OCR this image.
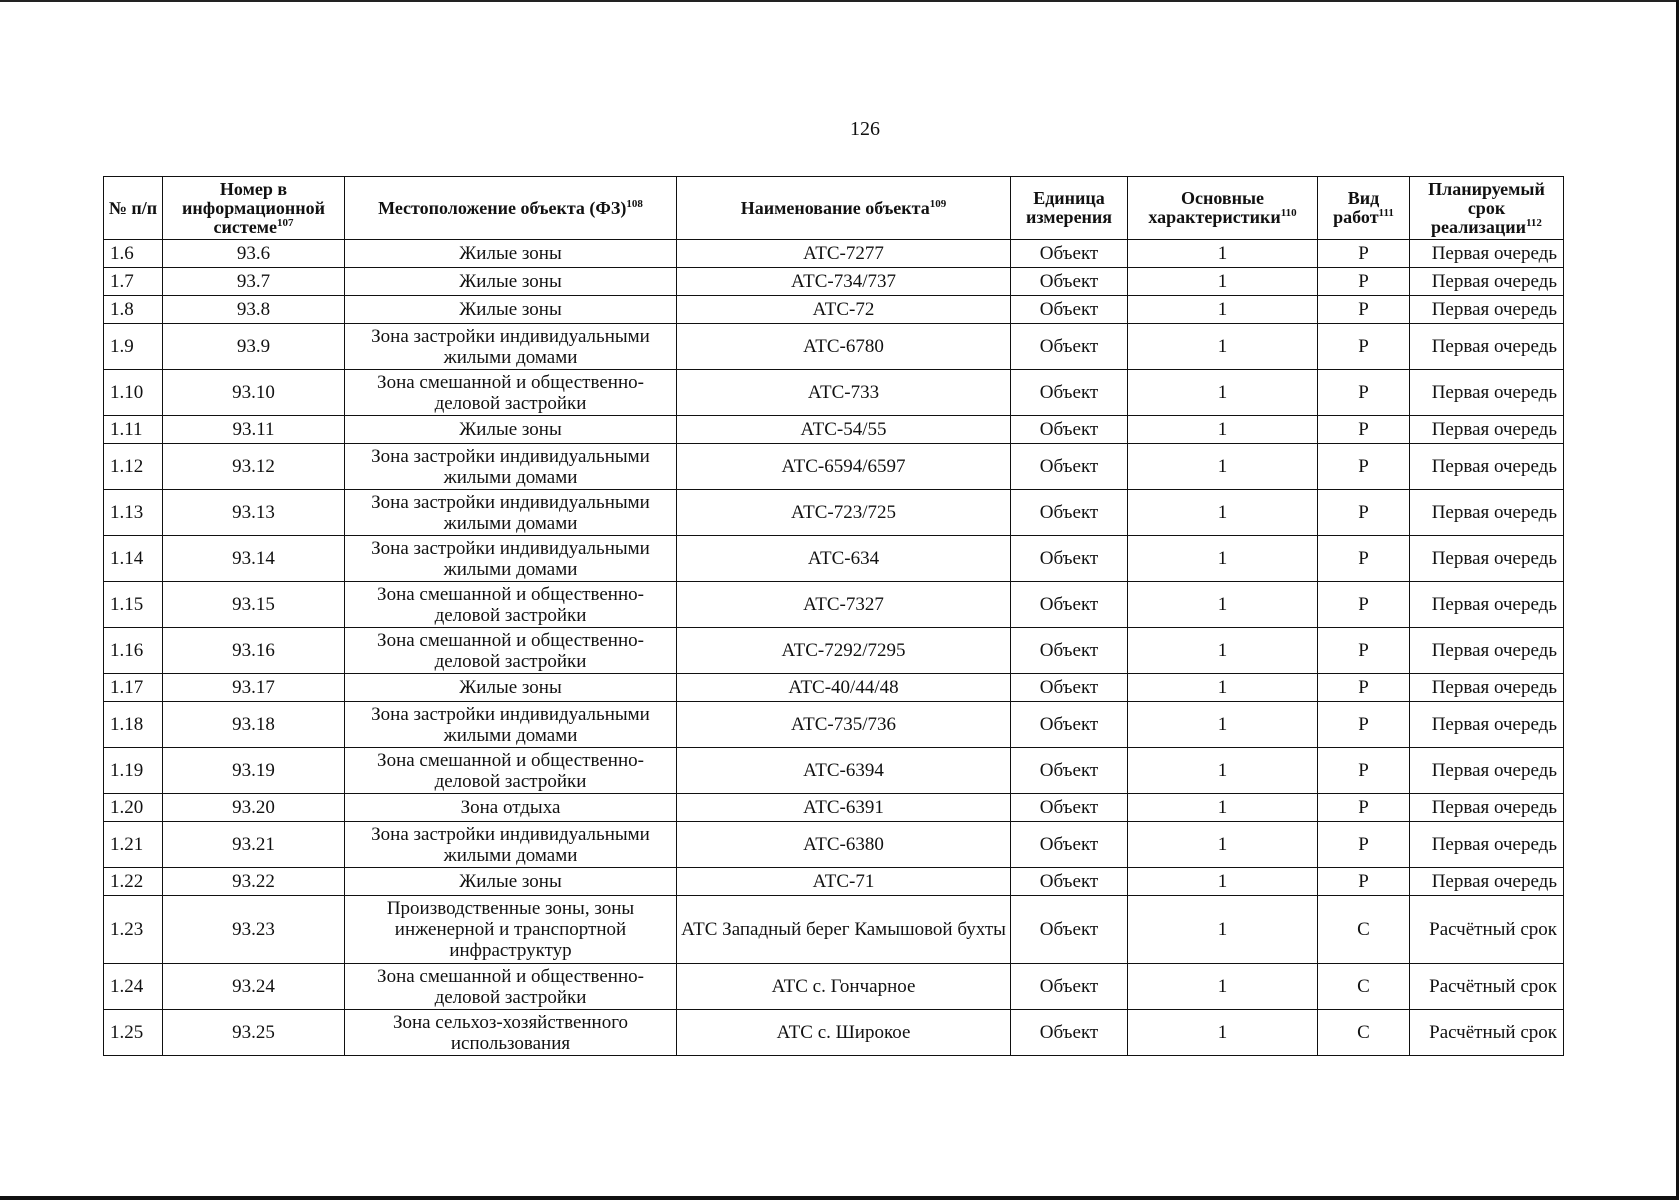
126
№ п/п	Номер в информационной системе$^{107}$	Местоположение объекта (ФЗ)$^{108}$	Наименование объекта$^{109}$	Единица измерения	Основные характеристики$^{110}$	Вид работ$^{111}$	Планируемый срок реализации$^{112}$
1.6	93.6	Жилые зоны	АТС-7277	Объект	1	Р	Первая очередь
1.7	93.7	Жилые зоны	АТС-734/737	Объект	1	Р	Первая очередь
1.8	93.8	Жилые зоны	АТС-72	Объект	1	Р	Первая очередь
1.9	93.9	Зона застройки индивидуальными жилыми домами	АТС-6780	Объект	1	Р	Первая очередь
1.10	93.10	Зона смешанной и общественно-деловой застройки	АТС-733	Объект	1	Р	Первая очередь
1.11	93.11	Жилые зоны	АТС-54/55	Объект	1	Р	Первая очередь
1.12	93.12	Зона застройки индивидуальными жилыми домами	АТС-6594/6597	Объект	1	Р	Первая очередь
1.13	93.13	Зона застройки индивидуальными жилыми домами	АТС-723/725	Объект	1	Р	Первая очередь
1.14	93.14	Зона застройки индивидуальными жилыми домами	АТС-634	Объект	1	Р	Первая очередь
1.15	93.15	Зона смешанной и общественно-деловой застройки	АТС-7327	Объект	1	Р	Первая очередь
1.16	93.16	Зона смешанной и общественно-деловой застройки	АТС-7292/7295	Объект	1	Р	Первая очередь
1.17	93.17	Жилые зоны	АТС-40/44/48	Объект	1	Р	Первая очередь
1.18	93.18	Зона застройки индивидуальными жилыми домами	АТС-735/736	Объект	1	Р	Первая очередь
1.19	93.19	Зона смешанной и общественно-деловой застройки	АТС-6394	Объект	1	Р	Первая очередь
1.20	93.20	Зона отдыха	АТС-6391	Объект	1	Р	Первая очередь
1.21	93.21	Зона застройки индивидуальными жилыми домами	АТС-6380	Объект	1	Р	Первая очередь
1.22	93.22	Жилые зоны	АТС-71	Объект	1	Р	Первая очередь
1.23	93.23	Производственные зоны, зоны инженерной и транспортной инфраструктур	АТС Западный берег Камышовой бухты	Объект	1	С	Расчётный срок
1.24	93.24	Зона смешанной и общественно-деловой застройки	АТС с. Гончарное	Объект	1	С	Расчётный срок
1.25	93.25	Зона сельхоз-хозяйственного использования	АТС с. Широкое	Объект	1	С	Расчётный срок
